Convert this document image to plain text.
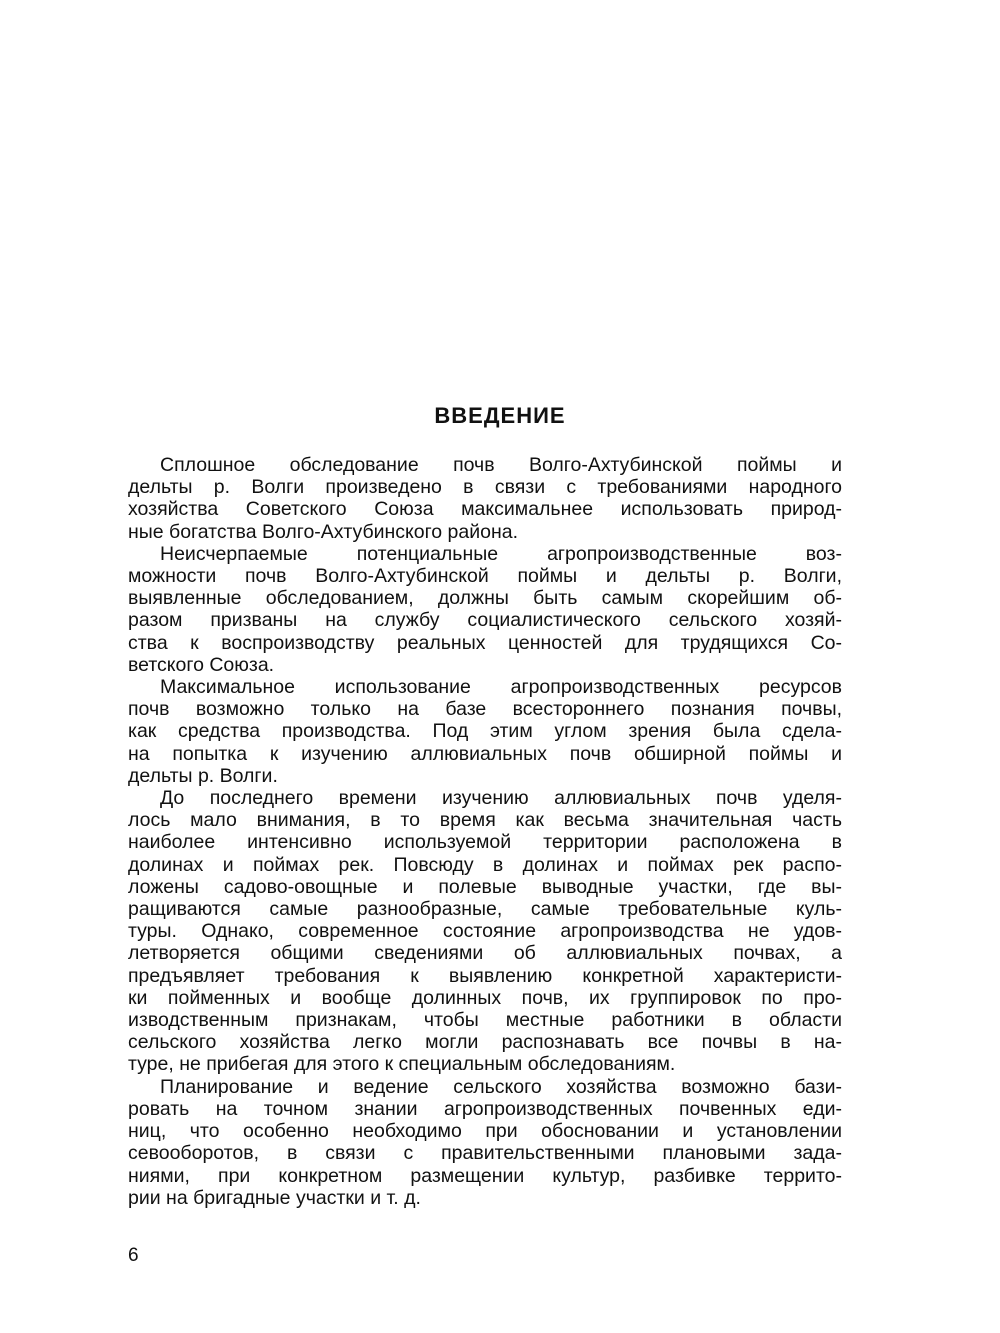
ВВЕДЕНИЕ
Сплошное обследование почв Волго-Ахтубинской поймы и
дельты р. Волги произведено в связи с требованиями народного
хозяйства Советского Союза максимальнее использовать природ-
ные богатства Волго-Ахтубинского района.
Неисчерпаемые потенциальные агропроизводственные воз-
можности почв Волго-Ахтубинской поймы и дельты р. Волги,
выявленные обследованием, должны быть самым скорейшим об-
разом призваны на службу социалистического сельского хозяй-
ства к воспроизводству реальных ценностей для трудящихся Со-
ветского Союза.
Максимальное использование агропроизводственных ресурсов
почв возможно только на базе всестороннего познания почвы,
как средства производства. Под этим углом зрения была сдела-
на попытка к изучению аллювиальных почв обширной поймы и
дельты р. Волги.
До последнего времени изучению аллювиальных почв уделя-
лось мало внимания, в то время как весьма значительная часть
наиболее интенсивно используемой территории расположена в
долинах и поймах рек. Повсюду в долинах и поймах рек распо-
ложены садово-овощные и полевые выводные участки, где вы-
ращиваются самые разнообразные, самые требовательные куль-
туры. Однако, современное состояние агропроизводства не удов-
летворяется общими сведениями об аллювиальных почвах, а
предъявляет требования к выявлению конкретной характеристи-
ки пойменных и вообще долинных почв, их группировок по про-
изводственным признакам, чтобы местные работники в области
сельского хозяйства легко могли распознавать все почвы в на-
туре, не прибегая для этого к специальным обследованиям.
Планирование и ведение сельского хозяйства возможно бази-
ровать на точном знании агропроизводственных почвенных еди-
ниц, что особенно необходимо при обосновании и установлении
севооборотов, в связи с правительственными плановыми зада-
ниями, при конкретном размещении культур, разбивке террито-
рии на бригадные участки и т. д.
6
